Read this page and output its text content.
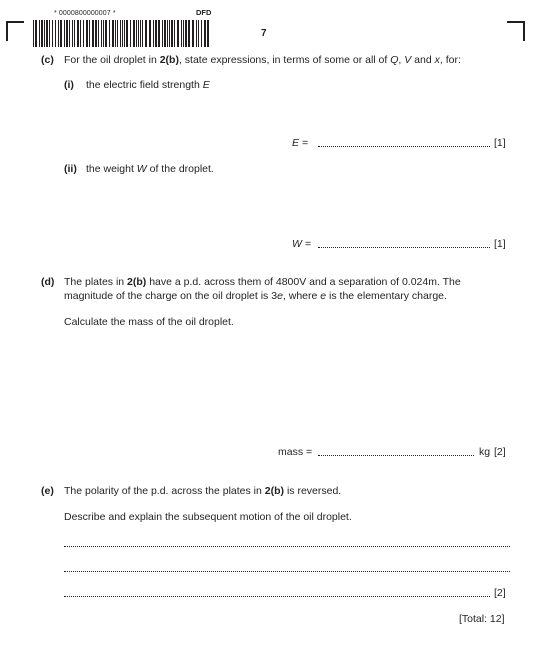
* 0000800000007 *	DFD
7
(c) For the oil droplet in 2(b), state expressions, in terms of some or all of Q, V and x, for:
(i) the electric field strength E
E =	[1]
(ii) the weight W of the droplet.
W =	[1]
(d) The plates in 2(b) have a p.d. across them of 4800V and a separation of 0.024m. The
magnitude of the charge on the oil droplet is 3e, where e is the elementary charge.
Calculate the mass of the oil droplet.
mass =	kg [2]
(e) The polarity of the p.d. across the plates in 2(b) is reversed.
Describe and explain the subsequent motion of the oil droplet.
[2]
[Total: 12]
